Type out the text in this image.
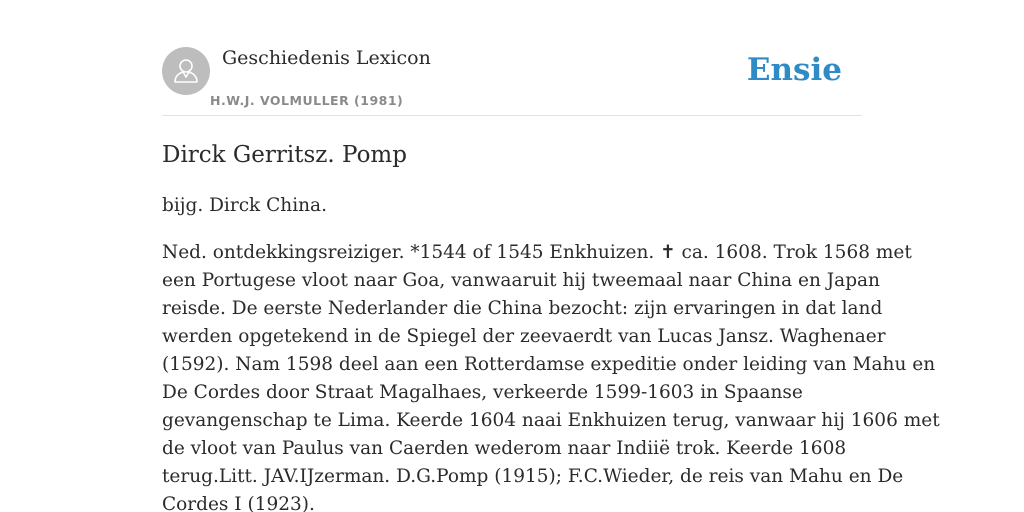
Geschiedenis Lexicon
H.W.J. VOLMULLER (1981)
Ensie
Dirck Gerritsz. Pomp

bijg. Dirck China.

Ned. ontdekkingsreiziger. *1544 of 1545 Enkhuizen. ✝ ca. 1608. Trok 1568 met
een Portugese vloot naar Goa, vanwaaruit hij tweemaal naar China en Japan
reisde. De eerste Nederlander die China bezocht: zijn ervaringen in dat land
werden opgetekend in de Spiegel der zeevaerdt van Lucas Jansz. Waghenaer
(1592). Nam 1598 deel aan een Rotterdamse expeditie onder leiding van Mahu en
De Cordes door Straat Magalhaes, verkeerde 1599-1603 in Spaanse
gevangenschap te Lima. Keerde 1604 naai Enkhuizen terug, vanwaar hij 1606 met
de vloot van Paulus van Caerden wederom naar Indiië trok. Keerde 1608
terug.Litt. JAV.IJzerman. D.G.Pomp (1915); F.C.Wieder, de reis van Mahu en De
Cordes I (1923).
